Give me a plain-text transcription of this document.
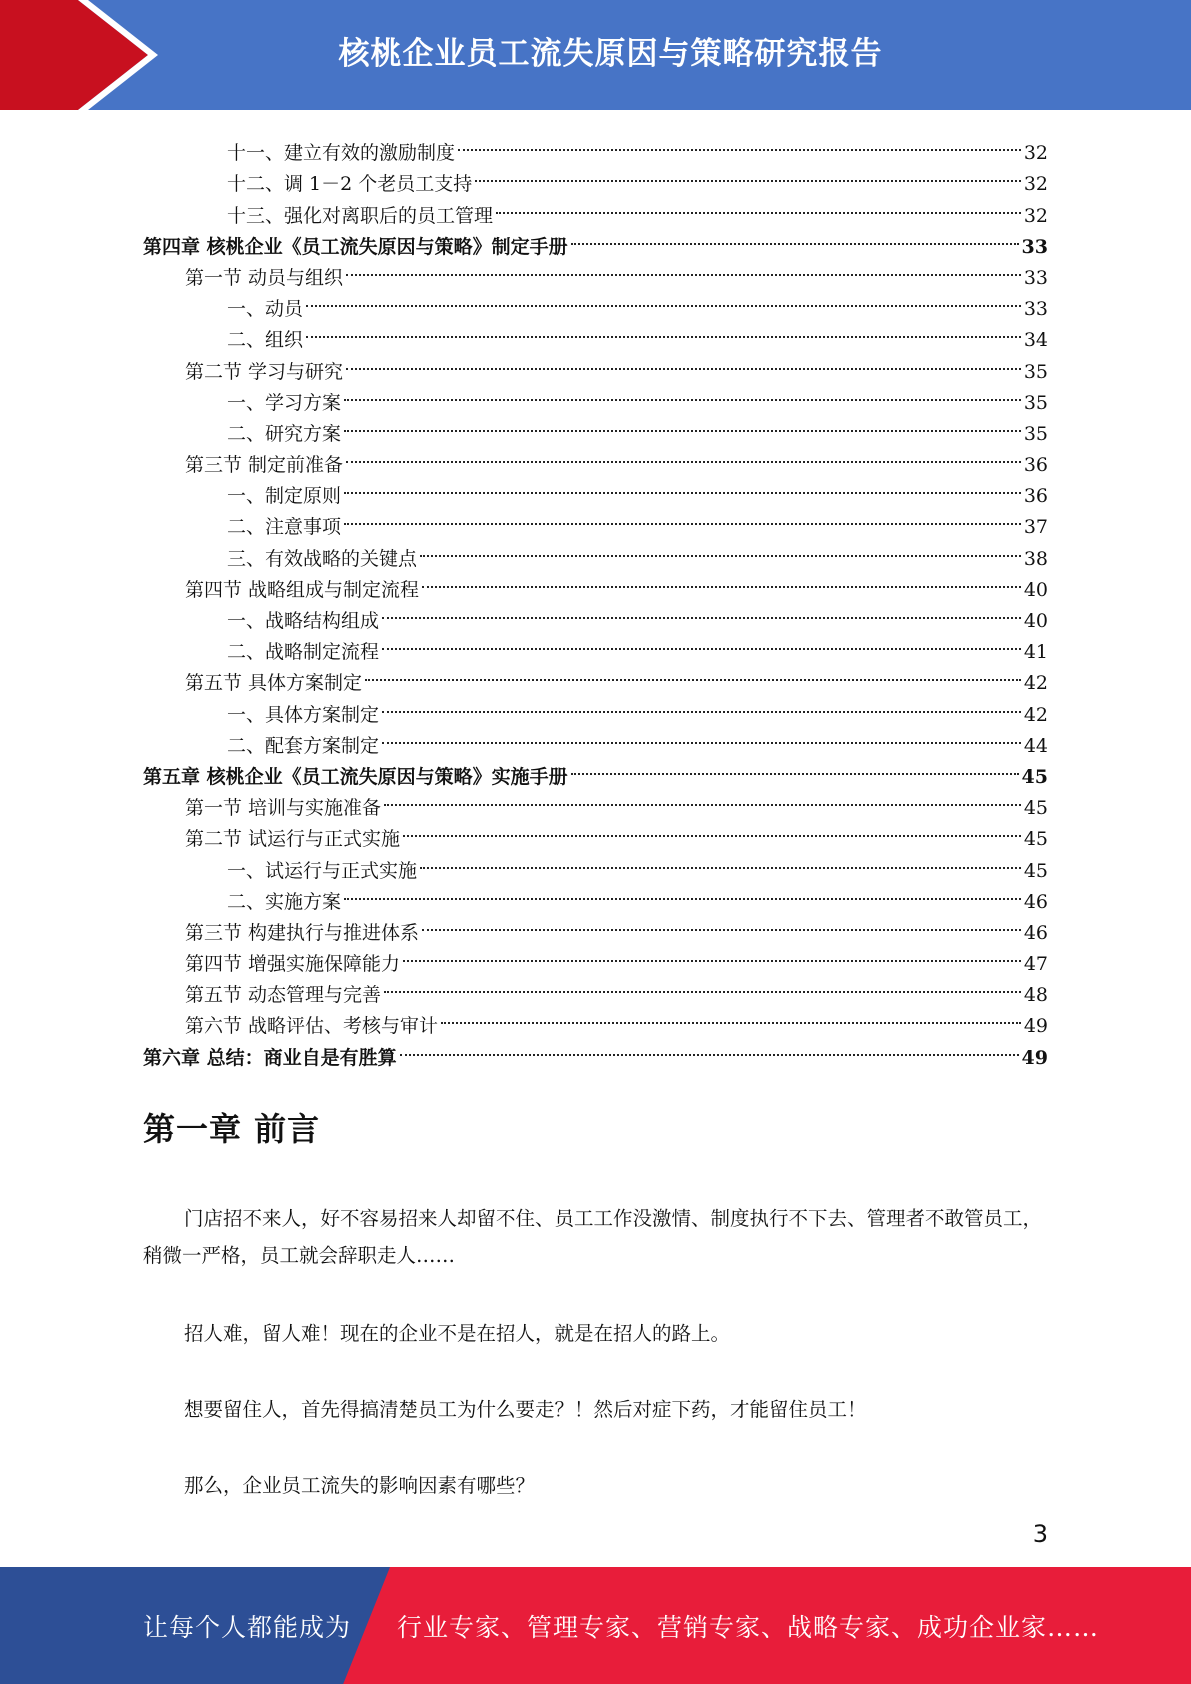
核桃企业员工流失原因与策略研究报告
十一、建立有效的激励制度	32
十二、调 1－2 个老员工支持	32
十三、强化对离职后的员工管理	32
第四章 核桃企业《员工流失原因与策略》制定手册	33
第一节 动员与组织	33
一、动员	33
二、组织	34
第二节 学习与研究	35
一、学习方案	35
二、研究方案	35
第三节 制定前准备	36
一、制定原则	36
二、注意事项	37
三、有效战略的关键点	38
第四节 战略组成与制定流程	40
一、战略结构组成	40
二、战略制定流程	41
第五节 具体方案制定	42
一、具体方案制定	42
二、配套方案制定	44
第五章 核桃企业《员工流失原因与策略》实施手册	45
第一节 培训与实施准备	45
第二节 试运行与正式实施	45
一、试运行与正式实施	45
二、实施方案	46
第三节 构建执行与推进体系	46
第四节 增强实施保障能力	47
第五节 动态管理与完善	48
第六节 战略评估、考核与审计	49
第六章 总结：商业自是有胜算	49
第一章 前言
门店招不来人，好不容易招来人却留不住、员工工作没激情、制度执行不下去、管理者不敢管员工，稍微一严格，员工就会辞职走人……
招人难，留人难！现在的企业不是在招人，就是在招人的路上。
想要留住人，首先得搞清楚员工为什么要走？！然后对症下药，才能留住员工！
那么，企业员工流失的影响因素有哪些？
3
让每个人都能成为 行业专家、管理专家、营销专家、战略专家、成功企业家……
